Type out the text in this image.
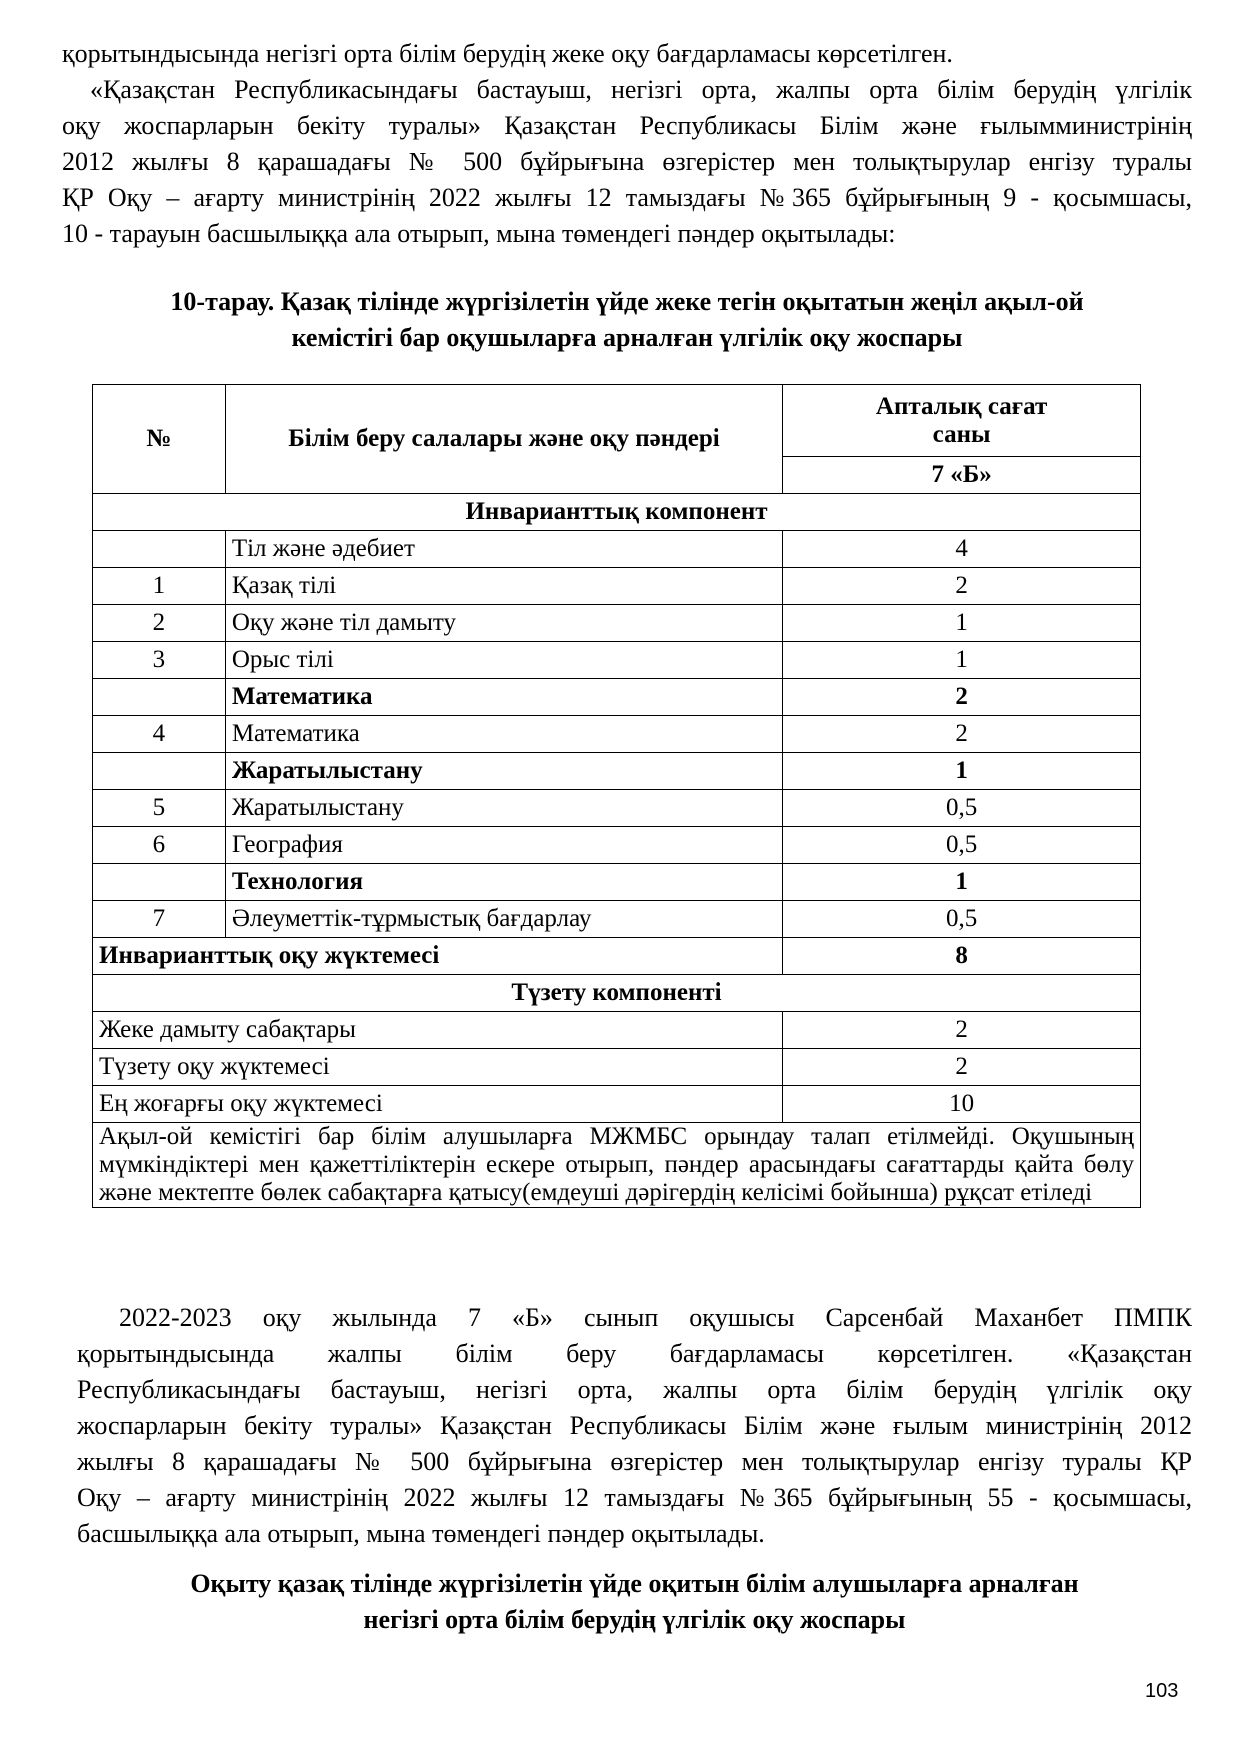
қорытындысында негізгі орта білім берудің жеке оқу бағдарламасы көрсетілген.
«Қазақстан Республикасындағы бастауыш, негізгі орта, жалпы орта білім берудің үлгілік
оқу жоспарларын бекіту туралы» Қазақстан Республикасы Білім және ғылымминистрінің
2012 жылғы 8 қарашадағы № 500 бұйрығына өзгерістер мен толықтырулар енгізу туралы
ҚР Оқу – ағарту министрінің 2022 жылғы 12 тамыздағы №365 бұйрығының 9 - қосымшасы,
10 - тарауын басшылыққа ала отырып, мына төмендегі пәндер оқытылады:
10-тарау. Қазақ тілінде жүргізілетін үйде жеке тегін оқытатын жеңіл ақыл-ой
кемістігі бар оқушыларға арналған үлгілік оқу жоспары
№	Білім беру салалары және оқу пәндері	Апталық сағат саны
		7 «Б»
Инварианттық компонент		
	Тіл және әдебиет	4
1	Қазақ тілі	2
2	Оқу және тіл дамыту	1
3	Орыс тілі	1
	Математика	2
4	Математика	2
	Жаратылыстану	1
5	Жаратылыстану	0,5
6	География	0,5
	Технология	1
7	Әлеуметтік-тұрмыстық бағдарлау	0,5
Инварианттық оқу жүктемесі		8
Түзету компоненті		
Жеке дамыту сабақтары		2
Түзету оқу жүктемесі		2
Ең жоғарғы оқу жүктемесі		10
Ақыл-ой кемістігі бар білім алушыларға МЖМБС орындау талап етілмейді. Оқушының мүмкіндіктері мен қажеттіліктерін ескере отырып, пәндер арасындағы сағаттарды қайта бөлу және мектепте бөлек сабақтарға қатысу(емдеуші дәрігердің келісімі бойынша) рұқсат етіледі		
2022-2023 оқу жылында 7 «Б» сынып оқушысы Сарсенбай Маханбет ПМПК
қорытындысында жалпы білім беру бағдарламасы көрсетілген. «Қазақстан
Республикасындағы бастауыш, негізгі орта, жалпы орта білім берудің үлгілік оқу
жоспарларын бекіту туралы» Қазақстан Республикасы Білім және ғылым министрінің 2012
жылғы 8 қарашадағы № 500 бұйрығына өзгерістер мен толықтырулар енгізу туралы ҚР
Оқу – ағарту министрінің 2022 жылғы 12 тамыздағы №365 бұйрығының 55 - қосымшасы,
басшылыққа ала отырып, мына төмендегі пәндер оқытылады.
Оқыту қазақ тілінде жүргізілетін үйде оқитын білім алушыларға арналған
негізгі орта білім берудің үлгілік оқу жоспары
103
